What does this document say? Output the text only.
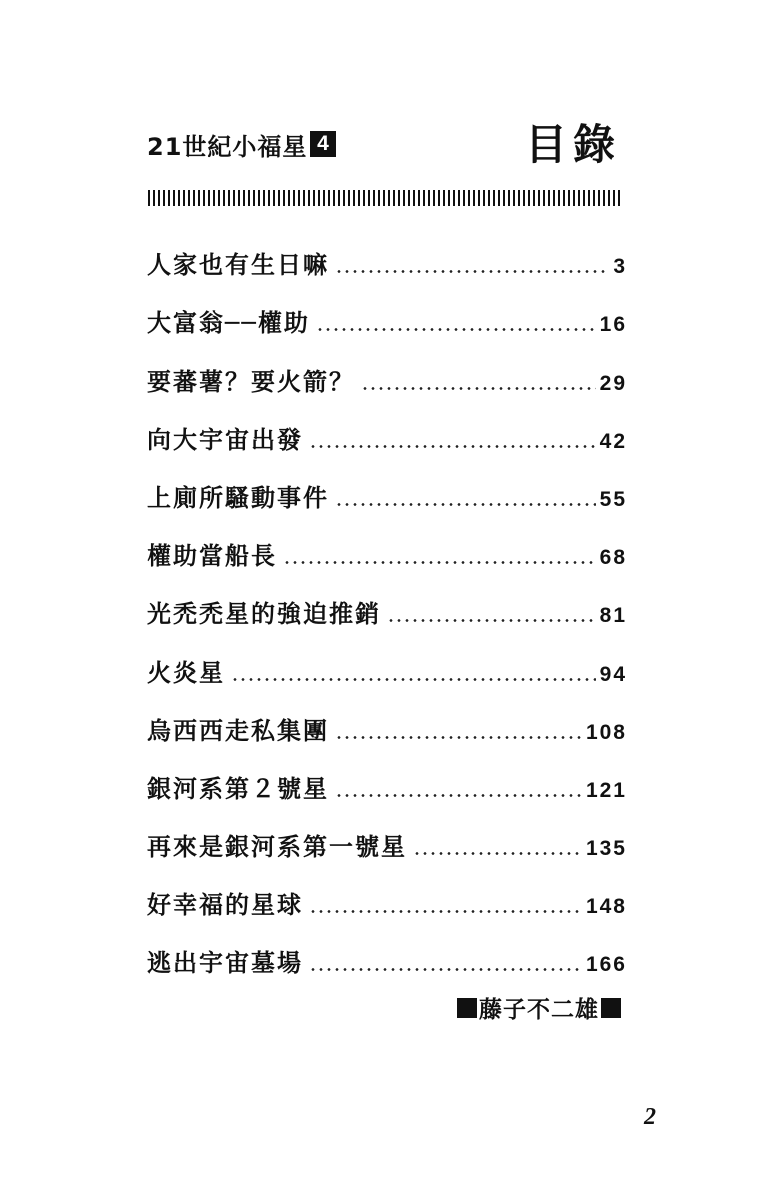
21世紀小福星 4	目錄
人家也有生日嘛	3
大富翁──權助	16
要蕃薯？要火箭？	29
向大宇宙出發	42
上廁所騷動事件	55
權助當船長	68
光禿禿星的強迫推銷	81
火炎星	94
烏西西走私集團	108
銀河系第２號星	121
再來是銀河系第一號星	135
好幸福的星球	148
逃出宇宙墓場	166
藤子不二雄
2
